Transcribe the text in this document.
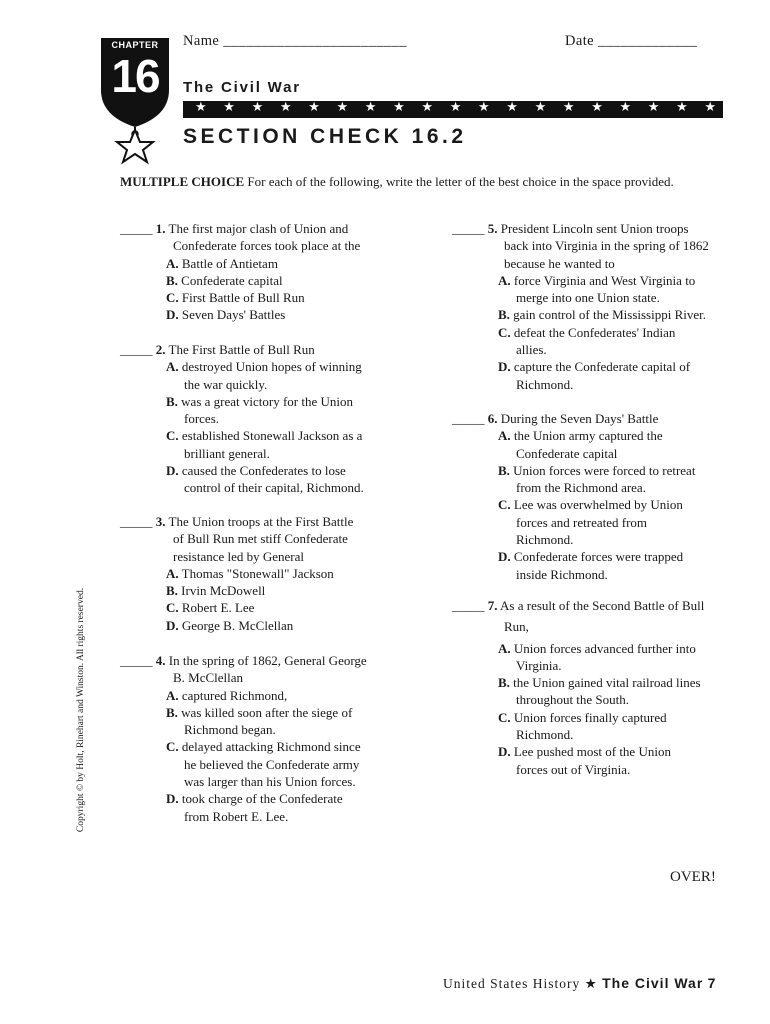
CHAPTER
16
Name ________________________	Date _____________
The Civil War
★ ★ ★ ★ ★ ★ ★ ★ ★ ★ ★ ★ ★ ★ ★ ★ ★ ★ ★
SECTION CHECK 16.2
MULTIPLE CHOICE For each of the following, write the letter of the best choice in the space provided.
_____ 1. The first major clash of Union and
Confederate forces took place at the
A. Battle of Antietam
B. Confederate capital
C. First Battle of Bull Run
D. Seven Days' Battles
_____ 2. The First Battle of Bull Run
A. destroyed Union hopes of winning
the war quickly.
B. was a great victory for the Union
forces.
C. established Stonewall Jackson as a
brilliant general.
D. caused the Confederates to lose
control of their capital, Richmond.
_____ 3. The Union troops at the First Battle
of Bull Run met stiff Confederate
resistance led by General
A. Thomas "Stonewall" Jackson
B. Irvin McDowell
C. Robert E. Lee
D. George B. McClellan
_____ 4. In the spring of 1862, General George
B. McClellan
A. captured Richmond,
B. was killed soon after the siege of
Richmond began.
C. delayed attacking Richmond since
he believed the Confederate army
was larger than his Union forces.
D. took charge of the Confederate
from Robert E. Lee.
_____ 5. President Lincoln sent Union troops
back into Virginia in the spring of 1862
because he wanted to
A. force Virginia and West Virginia to
merge into one Union state.
B. gain control of the Mississippi River.
C. defeat the Confederates' Indian
allies.
D. capture the Confederate capital of
Richmond.
_____ 6. During the Seven Days' Battle
A. the Union army captured the
Confederate capital
B. Union forces were forced to retreat
from the Richmond area.
C. Lee was overwhelmed by Union
forces and retreated from
Richmond.
D. Confederate forces were trapped
inside Richmond.
_____ 7. As a result of the Second Battle of Bull
Run,
A. Union forces advanced further into
Virginia.
B. the Union gained vital railroad lines
throughout the South.
C. Union forces finally captured
Richmond.
D. Lee pushed most of the Union
forces out of Virginia.
Copyright © by Holt, Rinehart and Winston. All rights reserved.
OVER!
United States History ★ The Civil War 7
